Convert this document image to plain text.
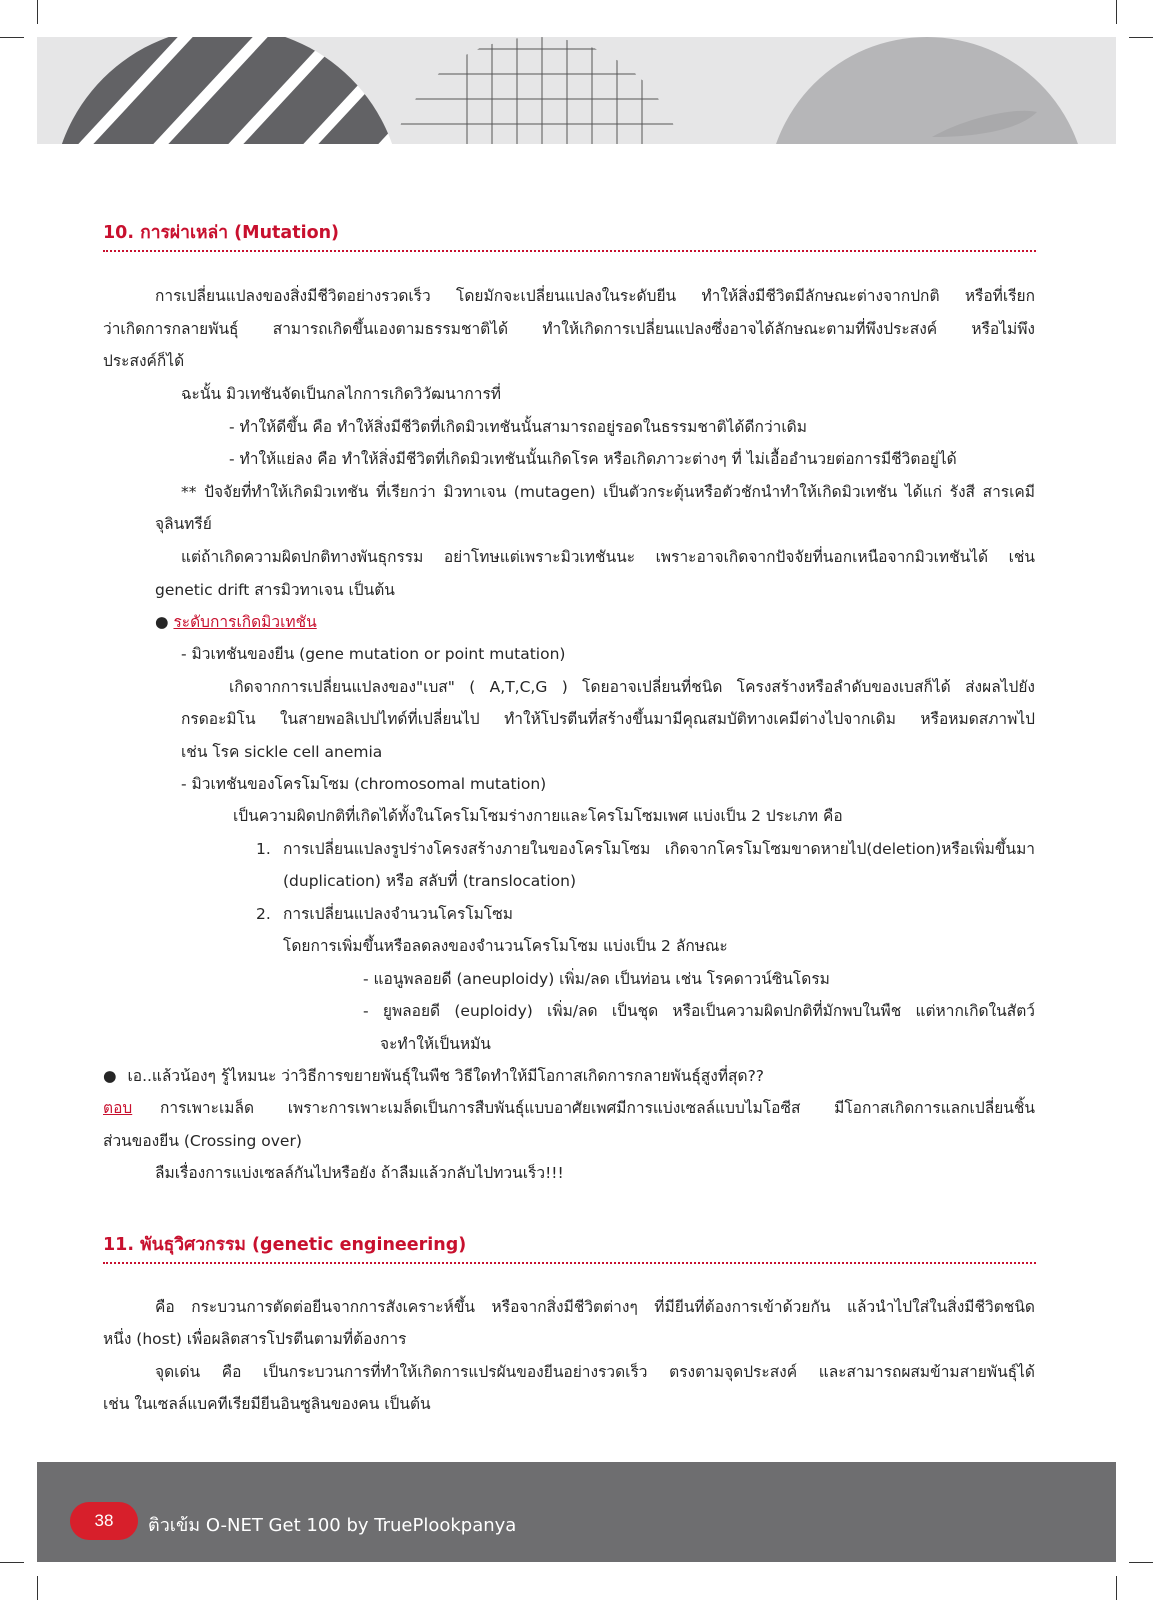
10. การผ่าเหล่า (Mutation)
การเปลี่ยนแปลงของสิ่งมีชีวิตอย่างรวดเร็ว โดยมักจะเปลี่ยนแปลงในระดับยีน ทำให้สิ่งมีชีวิตมีลักษณะต่างจากปกติ หรือที่เรียก
ว่าเกิดการกลายพันธุ์ สามารถเกิดขึ้นเองตามธรรมชาติได้ ทำให้เกิดการเปลี่ยนแปลงซึ่งอาจได้ลักษณะตามที่พึงประสงค์ หรือไม่พึง
ประสงค์ก็ได้
ฉะนั้น มิวเทชันจัดเป็นกลไกการเกิดวิวัฒนาการที่
- ทำให้ดีขึ้น คือ ทำให้สิ่งมีชีวิตที่เกิดมิวเทชันนั้นสามารถอยู่รอดในธรรมชาติได้ดีกว่าเดิม
- ทำให้แย่ลง คือ ทำให้สิ่งมีชีวิตที่เกิดมิวเทชันนั้นเกิดโรค หรือเกิดภาวะต่างๆ ที่ ไม่เอื้ออำนวยต่อการมีชีวิตอยู่ได้
** ปัจจัยที่ทำให้เกิดมิวเทชัน ที่เรียกว่า มิวทาเจน (mutagen) เป็นตัวกระตุ้นหรือตัวชักนำทำให้เกิดมิวเทชัน ได้แก่ รังสี สารเคมี
จุลินทรีย์
แต่ถ้าเกิดความผิดปกติทางพันธุกรรม อย่าโทษแต่เพราะมิวเทชันนะ เพราะอาจเกิดจากปัจจัยที่นอกเหนือจากมิวเทชันได้ เช่น
genetic drift สารมิวทาเจน เป็นต้น
● ระดับการเกิดมิวเทชัน
- มิวเทชันของยีน (gene mutation or point mutation)
เกิดจากการเปลี่ยนแปลงของ"เบส" ( A,T,C,G ) โดยอาจเปลี่ยนที่ชนิด โครงสร้างหรือลำดับของเบสก็ได้ ส่งผลไปยัง
กรดอะมิโน ในสายพอลิเปปไทด์ที่เปลี่ยนไป ทำให้โปรตีนที่สร้างขึ้นมามีคุณสมบัติทางเคมีต่างไปจากเดิม หรือหมดสภาพไป
เช่น โรค sickle cell anemia
- มิวเทชันของโครโมโซม (chromosomal mutation)
เป็นความผิดปกติที่เกิดได้ทั้งในโครโมโซมร่างกายและโครโมโซมเพศ แบ่งเป็น 2 ประเภท คือ
1. การเปลี่ยนแปลงรูปร่างโครงสร้างภายในของโครโมโซม เกิดจากโครโมโซมขาดหายไป(deletion)หรือเพิ่มขึ้นมา
(duplication) หรือ สลับที่ (translocation)
2. การเปลี่ยนแปลงจำนวนโครโมโซม
โดยการเพิ่มขึ้นหรือลดลงของจำนวนโครโมโซม แบ่งเป็น 2 ลักษณะ
- แอนูพลอยดี (aneuploidy) เพิ่ม/ลด เป็นท่อน เช่น โรคดาวน์ซินโดรม
- ยูพลอยดี (euploidy) เพิ่ม/ลด เป็นชุด หรือเป็นความผิดปกติที่มักพบในพืช แต่หากเกิดในสัตว์
จะทำให้เป็นหมัน
● เอ..แล้วน้องๆ รู้ไหมนะ ว่าวิธีการขยายพันธุ์ในพืช วิธีใดทำให้มีโอกาสเกิดการกลายพันธุ์สูงที่สุด??
ตอบ การเพาะเมล็ด เพราะการเพาะเมล็ดเป็นการสืบพันธุ์แบบอาศัยเพศมีการแบ่งเซลล์แบบไมโอซีส มีโอกาสเกิดการแลกเปลี่ยนชิ้น
ส่วนของยีน (Crossing over)
ลืมเรื่องการแบ่งเซลล์กันไปหรือยัง ถ้าลืมแล้วกลับไปทวนเร็ว!!!
11. พันธุวิศวกรรม (genetic engineering)
คือ กระบวนการตัดต่อยีนจากการสังเคราะห์ขึ้น หรือจากสิ่งมีชีวิตต่างๆ ที่มียีนที่ต้องการเข้าด้วยกัน แล้วนำไปใส่ในสิ่งมีชีวิตชนิด
หนึ่ง (host) เพื่อผลิตสารโปรตีนตามที่ต้องการ
จุดเด่น คือ เป็นกระบวนการที่ทำให้เกิดการแปรผันของยีนอย่างรวดเร็ว ตรงตามจุดประสงค์ และสามารถผสมข้ามสายพันธุ์ได้
เช่น ในเซลล์แบคทีเรียมียีนอินซูลินของคน เป็นต้น
38	ติวเข้ม O-NET Get 100 by TruePlookpanya
